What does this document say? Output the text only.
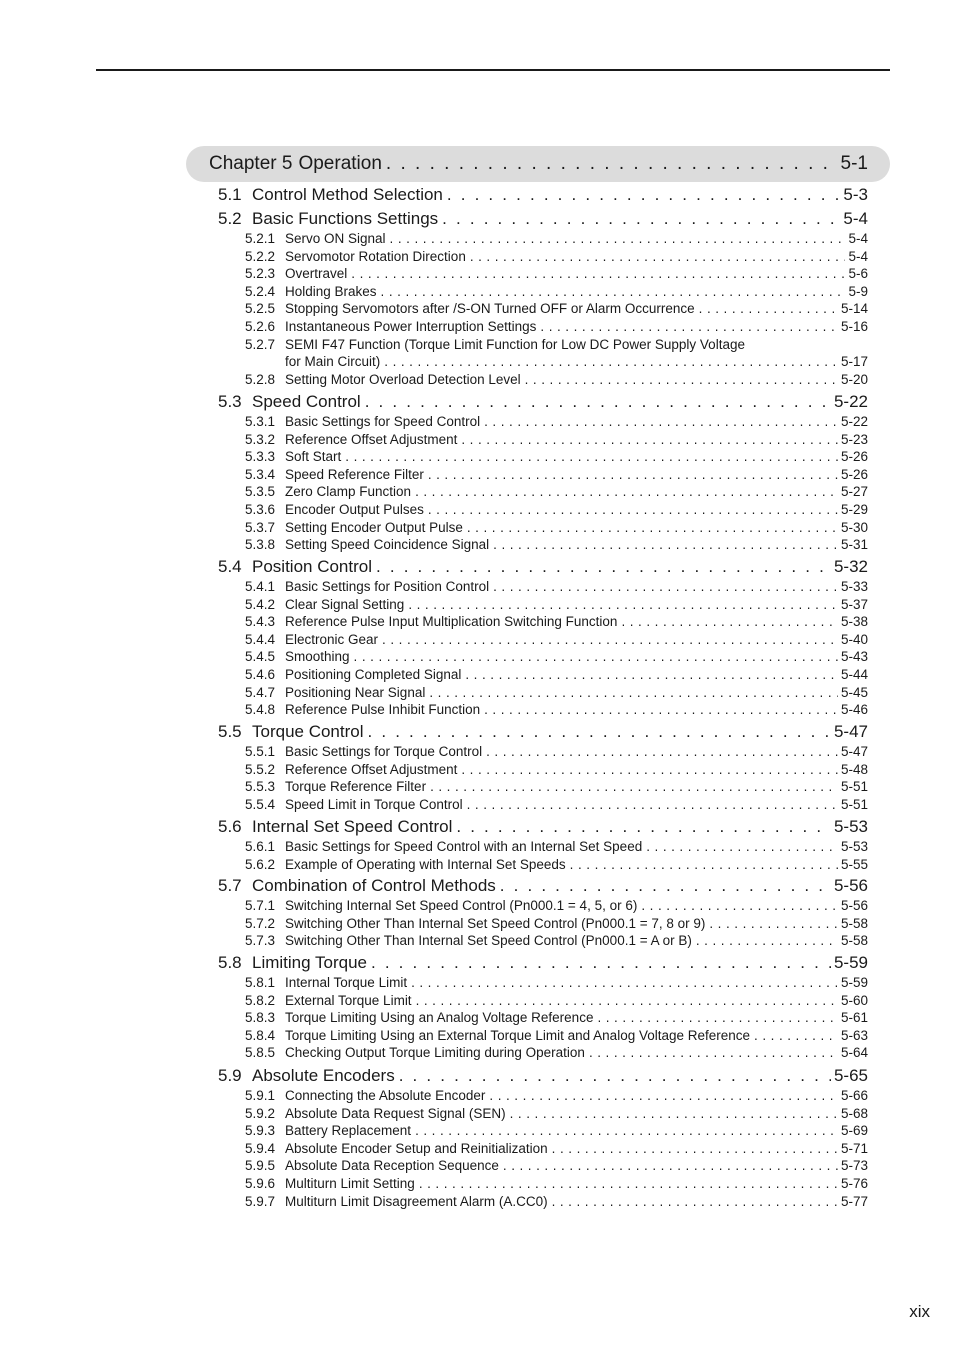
Chapter 5 Operation . . .	5-1
5.1 Control Method Selection . . .	5-3
5.2 Basic Functions Settings . . .	5-4
5.2.1 Servo ON Signal . . .	5-4
5.2.2 Servomotor Rotation Direction . . .	5-4
5.2.3 Overtravel . . .	5-6
5.2.4 Holding Brakes . . .	5-9
5.2.5 Stopping Servomotors after /S-ON Turned OFF or Alarm Occurrence . . .	5-14
5.2.6 Instantaneous Power Interruption Settings . . .	5-16
5.2.7 SEMI F47 Function (Torque Limit Function for Low DC Power Supply Voltage
for Main Circuit) . . .	5-17
5.2.8 Setting Motor Overload Detection Level . . .	5-20
5.3 Speed Control . . .	5-22
5.3.1 Basic Settings for Speed Control . . .	5-22
5.3.2 Reference Offset Adjustment . . .	5-23
5.3.3 Soft Start . . .	5-26
5.3.4 Speed Reference Filter . . .	5-26
5.3.5 Zero Clamp Function . . .	5-27
5.3.6 Encoder Output Pulses . . .	5-29
5.3.7 Setting Encoder Output Pulse . . .	5-30
5.3.8 Setting Speed Coincidence Signal . . .	5-31
5.4 Position Control . . .	5-32
5.4.1 Basic Settings for Position Control . . .	5-33
5.4.2 Clear Signal Setting . . .	5-37
5.4.3 Reference Pulse Input Multiplication Switching Function . . .	5-38
5.4.4 Electronic Gear . . .	5-40
5.4.5 Smoothing . . .	5-43
5.4.6 Positioning Completed Signal . . .	5-44
5.4.7 Positioning Near Signal . . .	5-45
5.4.8 Reference Pulse Inhibit Function . . .	5-46
5.5 Torque Control . . .	5-47
5.5.1 Basic Settings for Torque Control . . .	5-47
5.5.2 Reference Offset Adjustment . . .	5-48
5.5.3 Torque Reference Filter . . .	5-51
5.5.4 Speed Limit in Torque Control . . .	5-51
5.6 Internal Set Speed Control . . .	5-53
5.6.1 Basic Settings for Speed Control with an Internal Set Speed . . .	5-53
5.6.2 Example of Operating with Internal Set Speeds . . .	5-55
5.7 Combination of Control Methods . . .	5-56
5.7.1 Switching Internal Set Speed Control (Pn000.1 = 4, 5, or 6) . . .	5-56
5.7.2 Switching Other Than Internal Set Speed Control (Pn000.1 = 7, 8 or 9) . . .	5-58
5.7.3 Switching Other Than Internal Set Speed Control (Pn000.1 = A or B) . . .	5-58
5.8 Limiting Torque . . .	5-59
5.8.1 Internal Torque Limit . . .	5-59
5.8.2 External Torque Limit . . .	5-60
5.8.3 Torque Limiting Using an Analog Voltage Reference . . .	5-61
5.8.4 Torque Limiting Using an External Torque Limit and Analog Voltage Reference . . .	5-63
5.8.5 Checking Output Torque Limiting during Operation . . .	5-64
5.9 Absolute Encoders . . .	5-65
5.9.1 Connecting the Absolute Encoder . . .	5-66
5.9.2 Absolute Data Request Signal (SEN) . . .	5-68
5.9.3 Battery Replacement . . .	5-69
5.9.4 Absolute Encoder Setup and Reinitialization . . .	5-71
5.9.5 Absolute Data Reception Sequence . . .	5-73
5.9.6 Multiturn Limit Setting . . .	5-76
5.9.7 Multiturn Limit Disagreement Alarm (A.CC0) . . .	5-77
xix
